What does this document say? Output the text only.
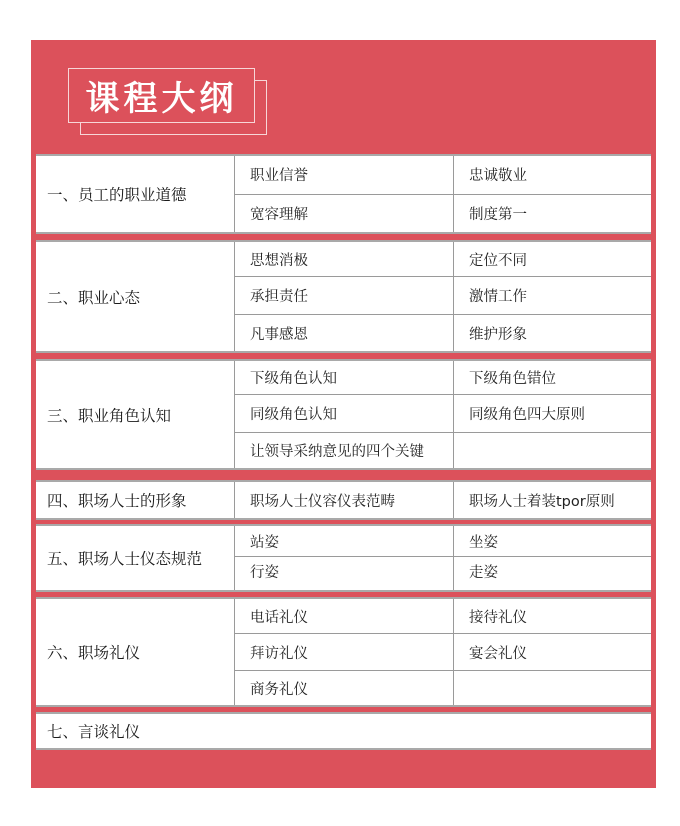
课程大纲
一、员工的职业道德
职业信誉	忠诚敬业
宽容理解	制度第一
二、职业心态
思想消极	定位不同
承担责任	激情工作
凡事感恩	维护形象
三、职业角色认知
下级角色认知	下级角色错位
同级角色认知	同级角色四大原则
让领导采纳意见的四个关键
四、职场人士的形象	职场人士仪容仪表范畴	职场人士着装tpor原则
五、职场人士仪态规范
站姿	坐姿
行姿	走姿
六、职场礼仪
电话礼仪	接待礼仪
拜访礼仪	宴会礼仪
商务礼仪
七、言谈礼仪
